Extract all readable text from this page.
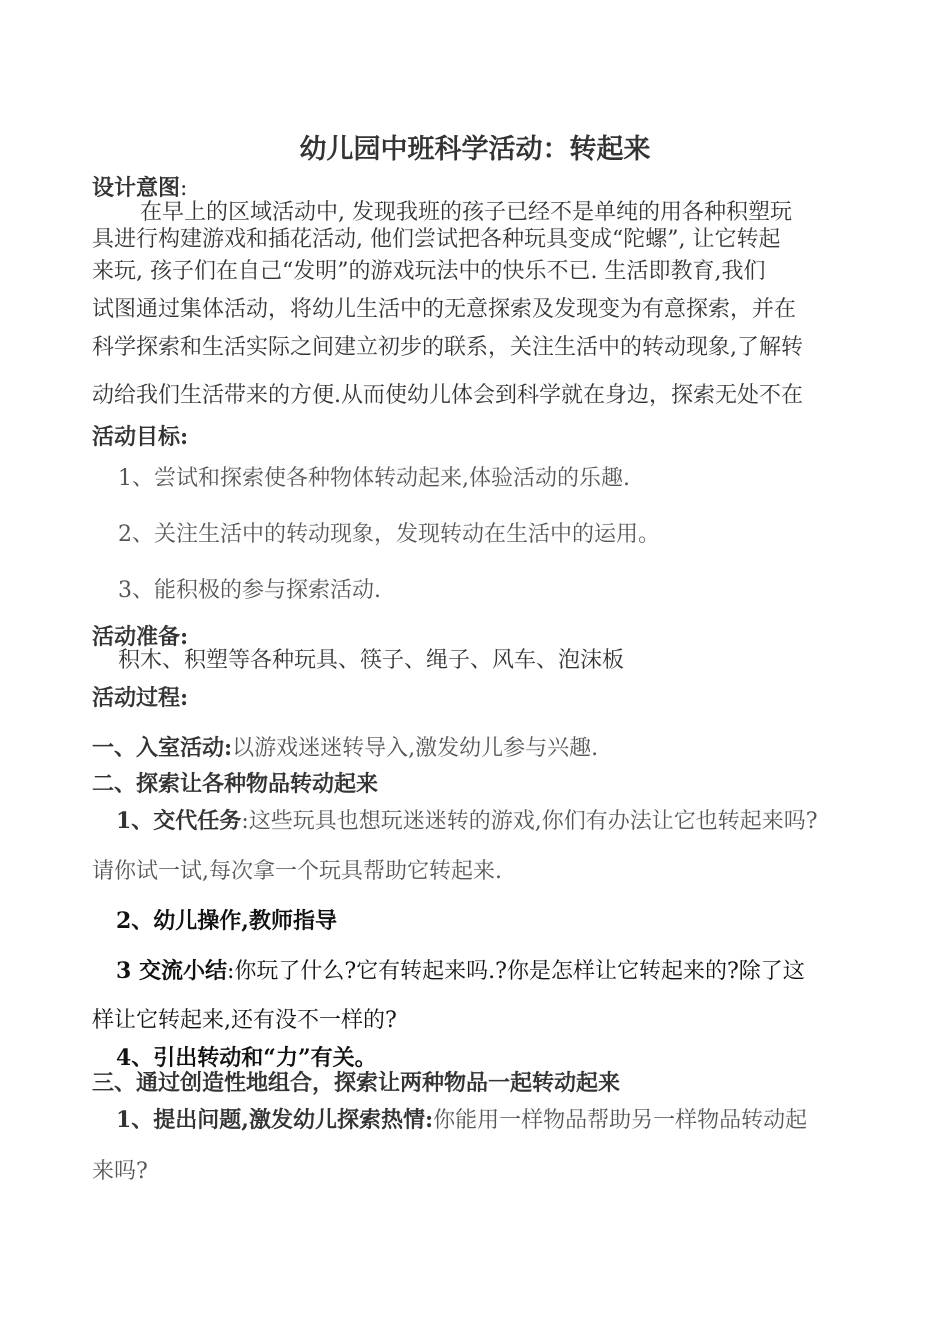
幼儿园中班科学活动：转起来
设计意图:
在早上的区域活动中, 发现我班的孩子已经不是单纯的用各种积塑玩
具进行构建游戏和插花活动, 他们尝试把各种玩具变成“陀螺”, 让它转起
来玩, 孩子们在自己“发明”的游戏玩法中的快乐不已. 生活即教育,我们
试图通过集体活动，将幼儿生活中的无意探索及发现变为有意探索，并在
科学探索和生活实际之间建立初步的联系，关注生活中的转动现象,了解转
动给我们生活带来的方便.从而使幼儿体会到科学就在身边，探索无处不在
活动目标:
1、尝试和探索使各种物体转动起来,体验活动的乐趣.
2、关注生活中的转动现象，发现转动在生活中的运用。
3、能积极的参与探索活动.
活动准备:
积木、积塑等各种玩具、筷子、绳子、风车、泡沫板
活动过程:
一、入室活动:以游戏迷迷转导入,激发幼儿参与兴趣.
二、探索让各种物品转动起来
1、交代任务:这些玩具也想玩迷迷转的游戏,你们有办法让它也转起来吗?
请你试一试,每次拿一个玩具帮助它转起来.
2、幼儿操作,教师指导
3 交流小结:你玩了什么?它有转起来吗.?你是怎样让它转起来的?除了这
样让它转起来,还有没不一样的?
4、引出转动和“力”有关。
三、通过创造性地组合，探索让两种物品一起转动起来
1、提出问题,激发幼儿探索热情:你能用一样物品帮助另一样物品转动起
来吗?
